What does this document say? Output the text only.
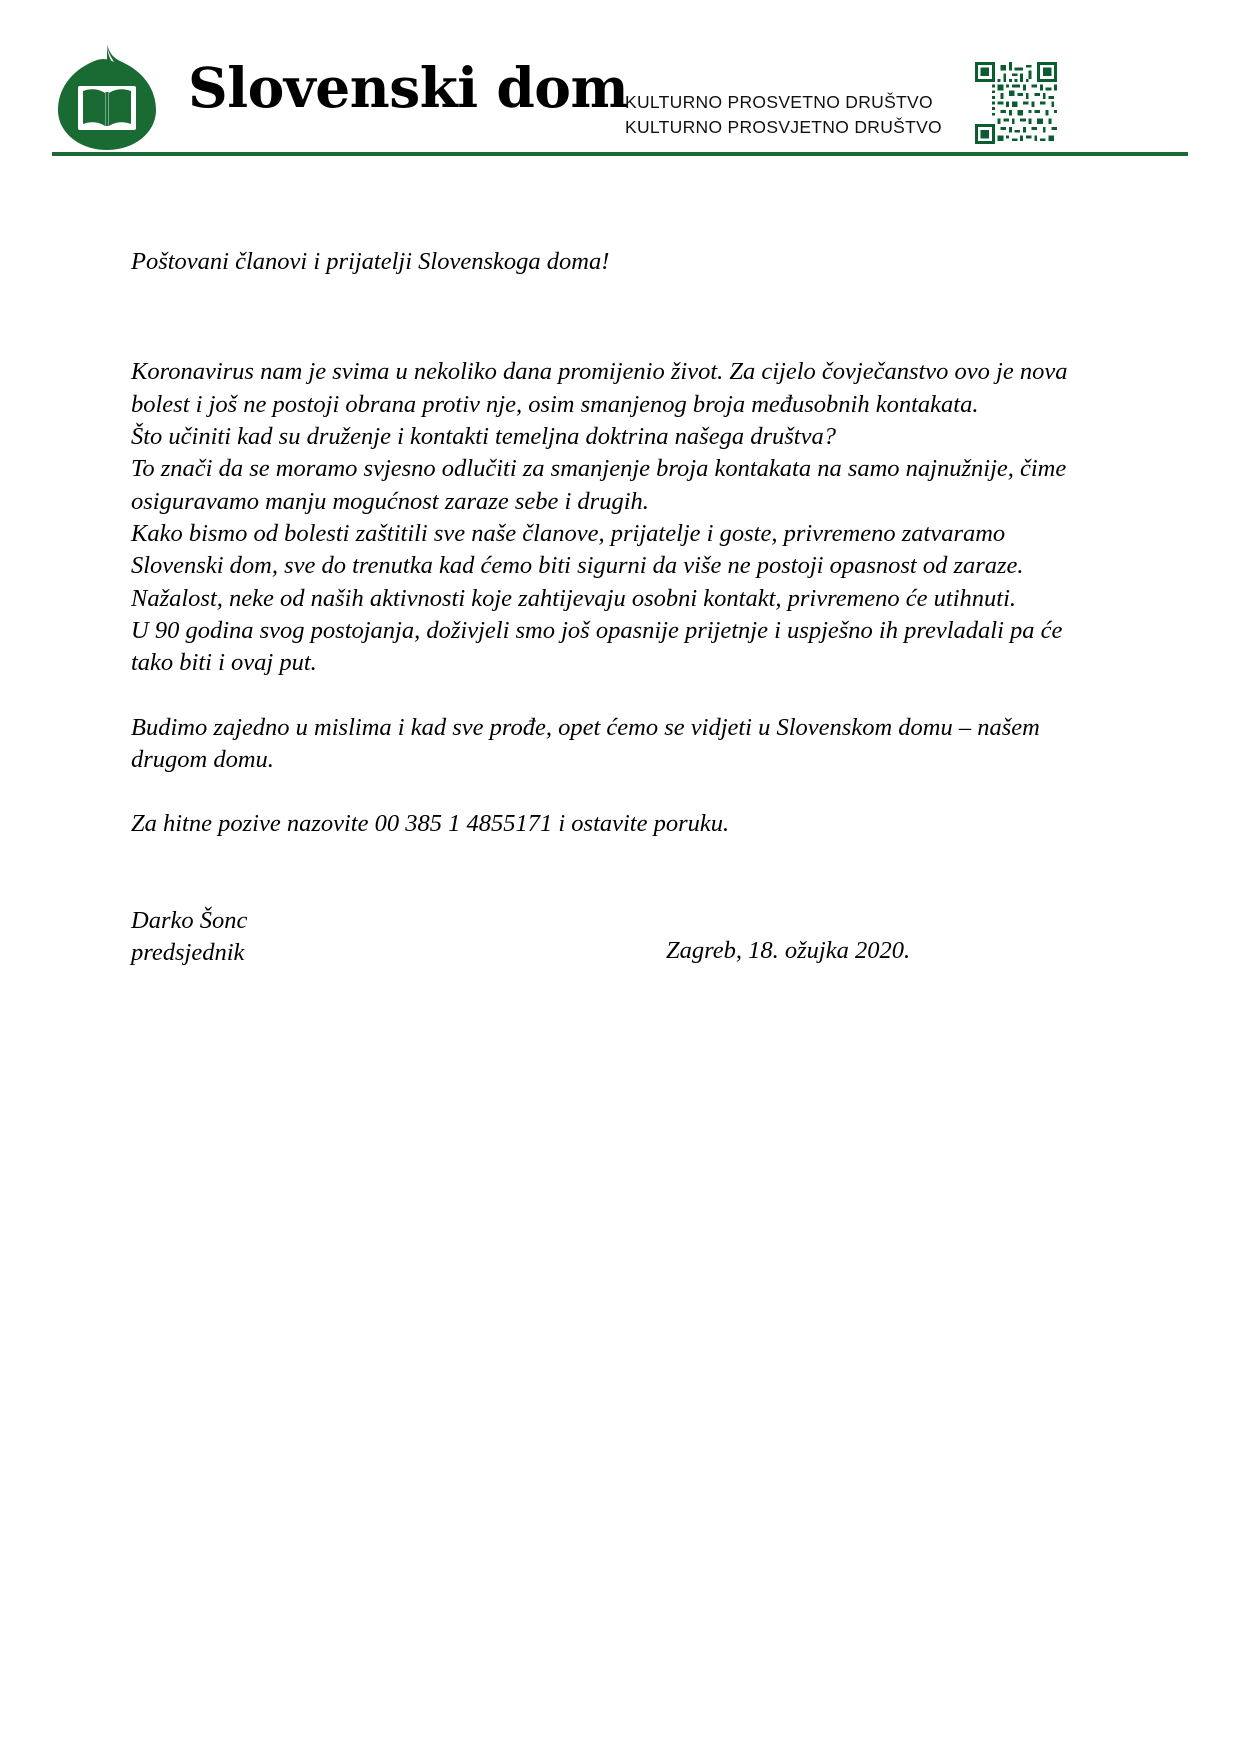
Slovenski dom
KULTURNO PROSVETNO DRUŠTVO
KULTURNO PROSVJETNO DRUŠTVO

Poštovani članovi i prijatelji Slovenskoga doma!

Koronavirus nam je svima u nekoliko dana promijenio život. Za cijelo čovječanstvo ovo je nova bolest i još ne postoji obrana protiv nje, osim smanjenog broja međusobnih kontakata.

Što učiniti kad su druženje i kontakti temeljna doktrina našega društva?

To znači da se moramo svjesno odlučiti za smanjenje broja kontakata na samo najnužnije, čime osiguravamo manju mogućnost zaraze sebe i drugih.

Kako bismo od bolesti zaštitili sve naše članove, prijatelje i goste, privremeno zatvaramo Slovenski dom, sve do trenutka kad ćemo biti sigurni da više ne postoji opasnost od zaraze.

Nažalost, neke od naših aktivnosti koje zahtijevaju osobni kontakt, privremeno će utihnuti.

U 90 godina svog postojanja, doživjeli smo još opasnije prijetnje i uspješno ih prevladali pa će tako biti i ovaj put.

Budimo zajedno u mislima i kad sve prođe, opet ćemo se vidjeti u Slovenskom domu – našem drugom domu.

Za hitne pozive nazovite 00 385 1 4855171 i ostavite poruku.

Darko Šonc
predsjednik	Zagreb, 18. ožujka 2020.
